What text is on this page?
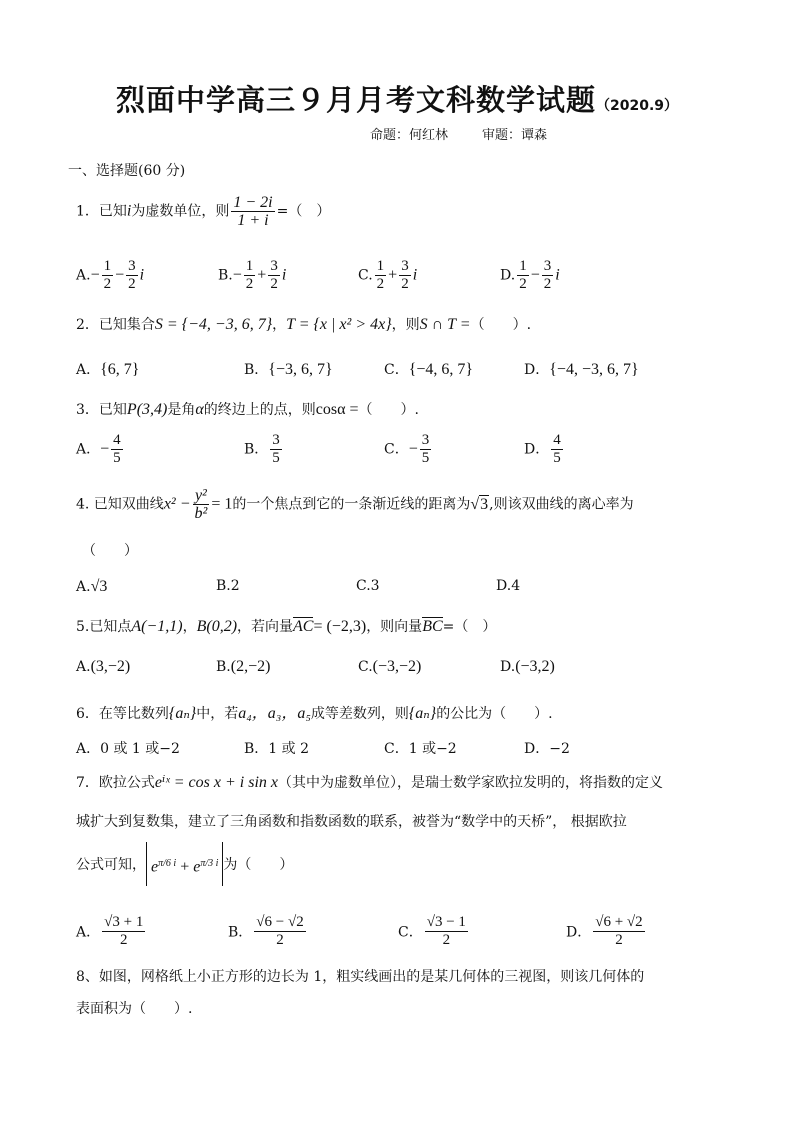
烈面中学高三９月月考文科数学试题（2020.9）
命题：何红林	审题：谭森
一、选择题(60 分)
1．已知i为虚数单位，则 $\frac{1 - 2i}{1 + i}$ =（　）
$A.- \frac{1}{2} - \frac{3}{2}$ i	$B.- \frac{1}{2} + \frac{3}{2}$ i	C. $\frac{1}{2} + \frac{3}{2}$ i	D. $\frac{1}{2} - \frac{3}{2}$ i
2．已知集合S = {−4, −3, 6, 7}，T = {x | x² > 4x}，则S ∩ T =（　　）.
A．{6, 7}	B．{−3, 6, 7}	C．{−4, 6, 7}	D．{−4, −3, 6, 7}
3．已知P(3,4)是角α的终边上的点，则cosα =（　　）.
A．− $\frac{4}{5}$	B． $\frac{3}{5}$	C．− $\frac{3}{5}$	D． $\frac{4}{5}$
4. 已知双曲线$x^2 - \frac{\text{y²}}{\text{b²}} = 1$的一个焦点到它的一条渐近线的距离为√3,则该双曲线的离心率为
（　　）
A.√3	B.2	C.3	D.4
5.已知点A(−1,1)，B(0,2)，若向量AC= (−2,3)，则向量BC=（　）
A.(3,−2)	B.(2,−2)	C.(−3,−2)	D.(−3,2)
6．在等比数列{aₙ}中，若a₄，a₃，a₅成等差数列，则{aₙ}的公比为（　　）.
A．0 或 1 或−2	B．1 或 2	C．1 或−2	D．−2
7．欧拉公式eⁱˣ = cos x + i sin x（其中为虚数单位），是瑞士数学家欧拉发明的，将指数的定义
城扩大到复数集，建立了三角函数和指数函数的联系，被誉为“数学中的天桥”， 根据欧拉
公式可知， $e^{\pi/6 i} + e^{\pi/3 i}$ 为（　　）
A． $\frac{√3 + 1}{2}$	B． $\frac{√6 - √2}{2}$	C． $\frac{√3 - 1}{2}$	D． $\frac{√6 + √2}{2}$
8、如图，网格纸上小正方形的边长为 1，粗实线画出的是某几何体的三视图，则该几何体的
表面积为（　　）.
